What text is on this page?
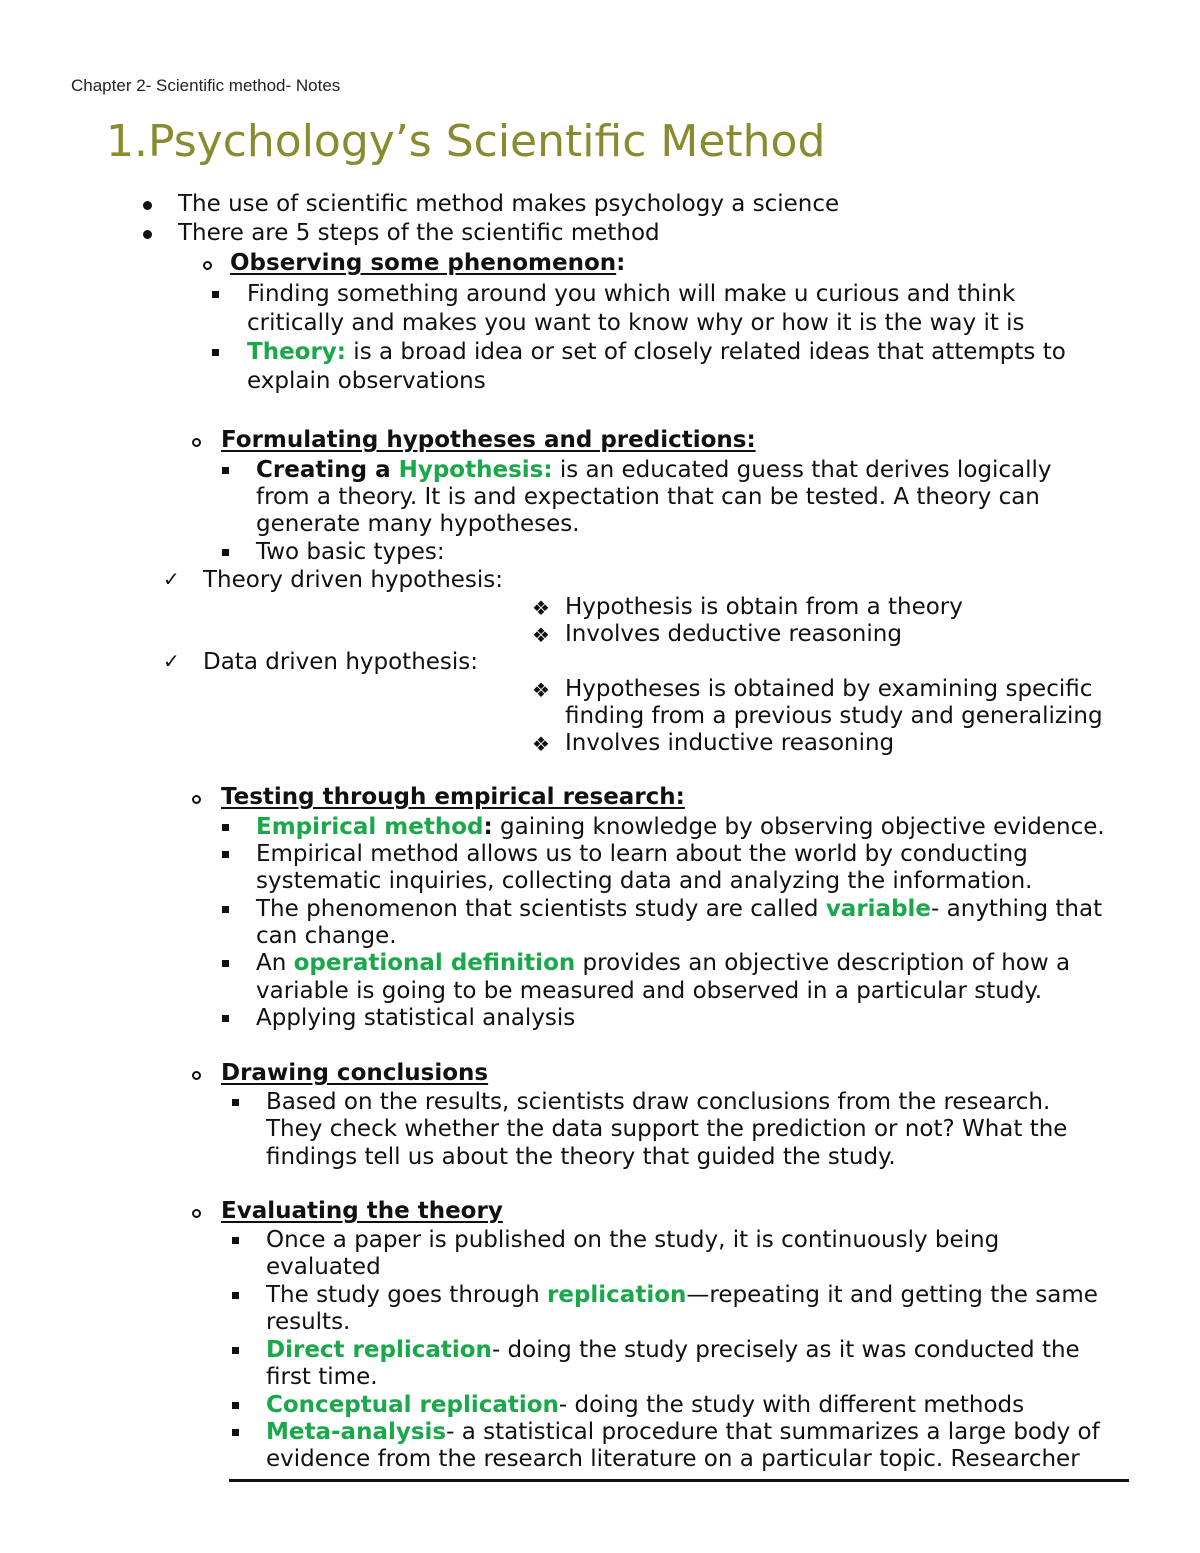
Chapter 2- Scientific method- Notes
1.Psychology’s Scientific Method
The use of scientific method makes psychology a science
There are 5 steps of the scientific method
Observing some phenomenon:
Finding something around you which will make u curious and think
critically and makes you want to know why or how it is the way it is
Theory: is a broad idea or set of closely related ideas that attempts to
explain observations
Formulating hypotheses and predictions:
Creating a Hypothesis: is an educated guess that derives logically
from a theory. It is and expectation that can be tested. A theory can
generate many hypotheses.
Two basic types:
✓ Theory driven hypothesis:
❖ Hypothesis is obtain from a theory
❖ Involves deductive reasoning
✓ Data driven hypothesis:
❖ Hypotheses is obtained by examining specific
finding from a previous study and generalizing
❖ Involves inductive reasoning
Testing through empirical research:
Empirical method: gaining knowledge by observing objective evidence.
Empirical method allows us to learn about the world by conducting
systematic inquiries, collecting data and analyzing the information.
The phenomenon that scientists study are called variable- anything that
can change.
An operational definition provides an objective description of how a
variable is going to be measured and observed in a particular study.
Applying statistical analysis
Drawing conclusions
Based on the results, scientists draw conclusions from the research.
They check whether the data support the prediction or not? What the
findings tell us about the theory that guided the study.
Evaluating the theory
Once a paper is published on the study, it is continuously being
evaluated
The study goes through replication—repeating it and getting the same
results.
Direct replication- doing the study precisely as it was conducted the
first time.
Conceptual replication- doing the study with different methods
Meta-analysis- a statistical procedure that summarizes a large body of
evidence from the research literature on a particular topic. Researcher
